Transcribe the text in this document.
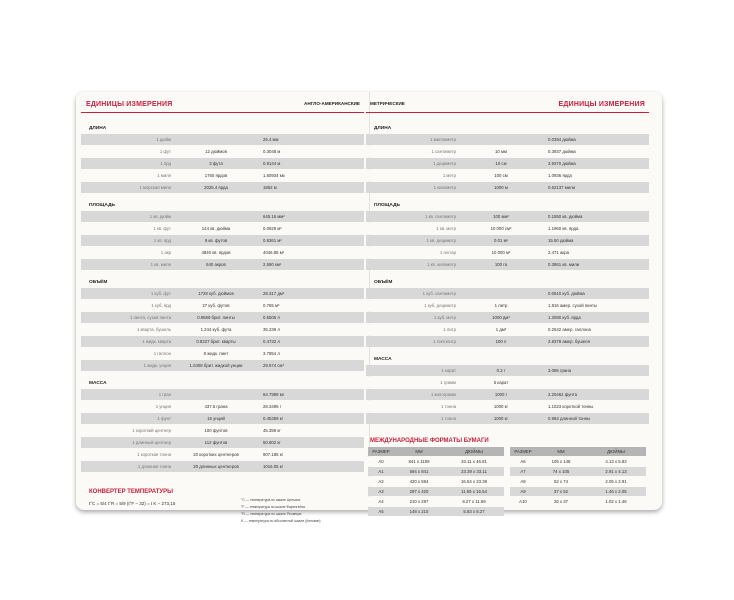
ЕДИНИЦЫ ИЗМЕРЕНИЯ	АНГЛО-АМЕРИКАНСКИЕ
ДЛИНА
1 дюйм	25.4 мм
1 фут	12 дюймов	0.3048 м
1 ярд	3 фута	0.9144 м
1 миля	1760 ярдов	1.60934 км
1 морская миля	2025.4 ярда	1852 м
ПЛОЩАДЬ
1 кв. дюйм	645.16 мм²
1 кв. фут	144 кв. дюйма	0.0929 м²
1 кв. ярд	9 кв. футов	0.8361 м²
1 акр	4840 кв. ярдов	4046.86 м²
1 кв. миля	640 акров	2.590 км²
ОБЪЁМ
1 куб. фут	1728 куб. дюймов	28.317 дм³
1 куб. ярд	27 куб. футов	0.765 м³
1 пинта, сухая пинта	0.9689 брит. пинты	0.5506 л
1 кварта, бушель	1.244 куб. фута	35.239 л
1 жидк. кварта	0.8327 брит. кварты	0.4732 л
1 галлон	8 жидк. пинт	3.7854 л
1 жидк. унция	1.0408 брит. жидкой унции	29.574 см³
МАССА
1 гран	64.7989 мг
1 унция	437.5 грана	28.3495 г
1 фунт	16 унций	0.45359 кг
1 короткий центнер	100 фунтов	45.359 кг
1 длинный центнер	112 фунтов	50.802 кг
1 короткая тонна	20 коротких центнеров	907.185 кг
1 длинная тонна	20 длинных центнеров	1016.05 кг
КОНВЕРТЕР ТЕМПЕРАТУРЫ
t°C = 5/4 t°R = 5/9 (t°F − 32) = t K − 273,15
°C — температура по шкале Цельсия
°F — температура по шкале Фаренгейта
°R — температура по шкале Реомюра
K — температура по абсолютной шкале (Кельвин)
МЕТРИЧЕСКИЕ	ЕДИНИЦЫ ИЗМЕРЕНИЯ
ДЛИНА
1 миллиметр	0.0394 дюйма
1 сантиметр	10 мм	0.3937 дюйма
1 дециметр	10 см	3.9370 дюйма
1 метр	100 см	1.0936 ярда
1 километр	1000 м	0.62137 мили
ПЛОЩАДЬ
1 кв. сантиметр	100 мм²	0.1550 кв. дюйма
1 кв. метр	10 000 см²	1.1960 кв. ярда
1 кв. дециметр	0.01 м²	15.50 дюйма
1 гектар	10 000 м²	2.471 акра
1 кв. километр	100 га	0.3861 кв. мили
ОБЪЁМ
1 куб. сантиметр	0.0610 куб. дюйма
1 куб. дециметр	1 литр	1.816 амер. сухой пинты
1 куб. метр	1000 дм³	1.3080 куб. ярда
1 литр	1 дм³	0.2642 амер. галлона
1 гектолитр	100 л	2.8378 амер. бушеля
МАССА
1 карат	0.2 г	3.086 грана
1 грамм	5 карат
1 килограмм	1000 г	2.20462 фунта
1 тонна	1000 кг	1.1023 короткой тонны
1 тонна	1000 кг	0.984 длинной тонны
МЕЖДУНАРОДНЫЕ ФОРМАТЫ БУМАГИ
РАЗМЕР	ММ	ДЮЙМЫ
A0	841 x 1189	33.11 x 46.81
A1	594 x 841	23.39 x 33.11
A2	420 x 594	16.54 x 23.39
A3	297 x 420	11.69 x 16.54
A4	210 x 297	8.27 x 11.69
A5	148 x 210	5.83 x 8.27
РАЗМЕР	ММ	ДЮЙМЫ
A6	105 x 148	4.13 x 5.83
A7	74 x 105	2.91 x 4.13
A8	52 x 74	2.05 x 2.91
A9	37 x 52	1.46 x 2.05
A10	26 x 37	1.02 x 1.46
